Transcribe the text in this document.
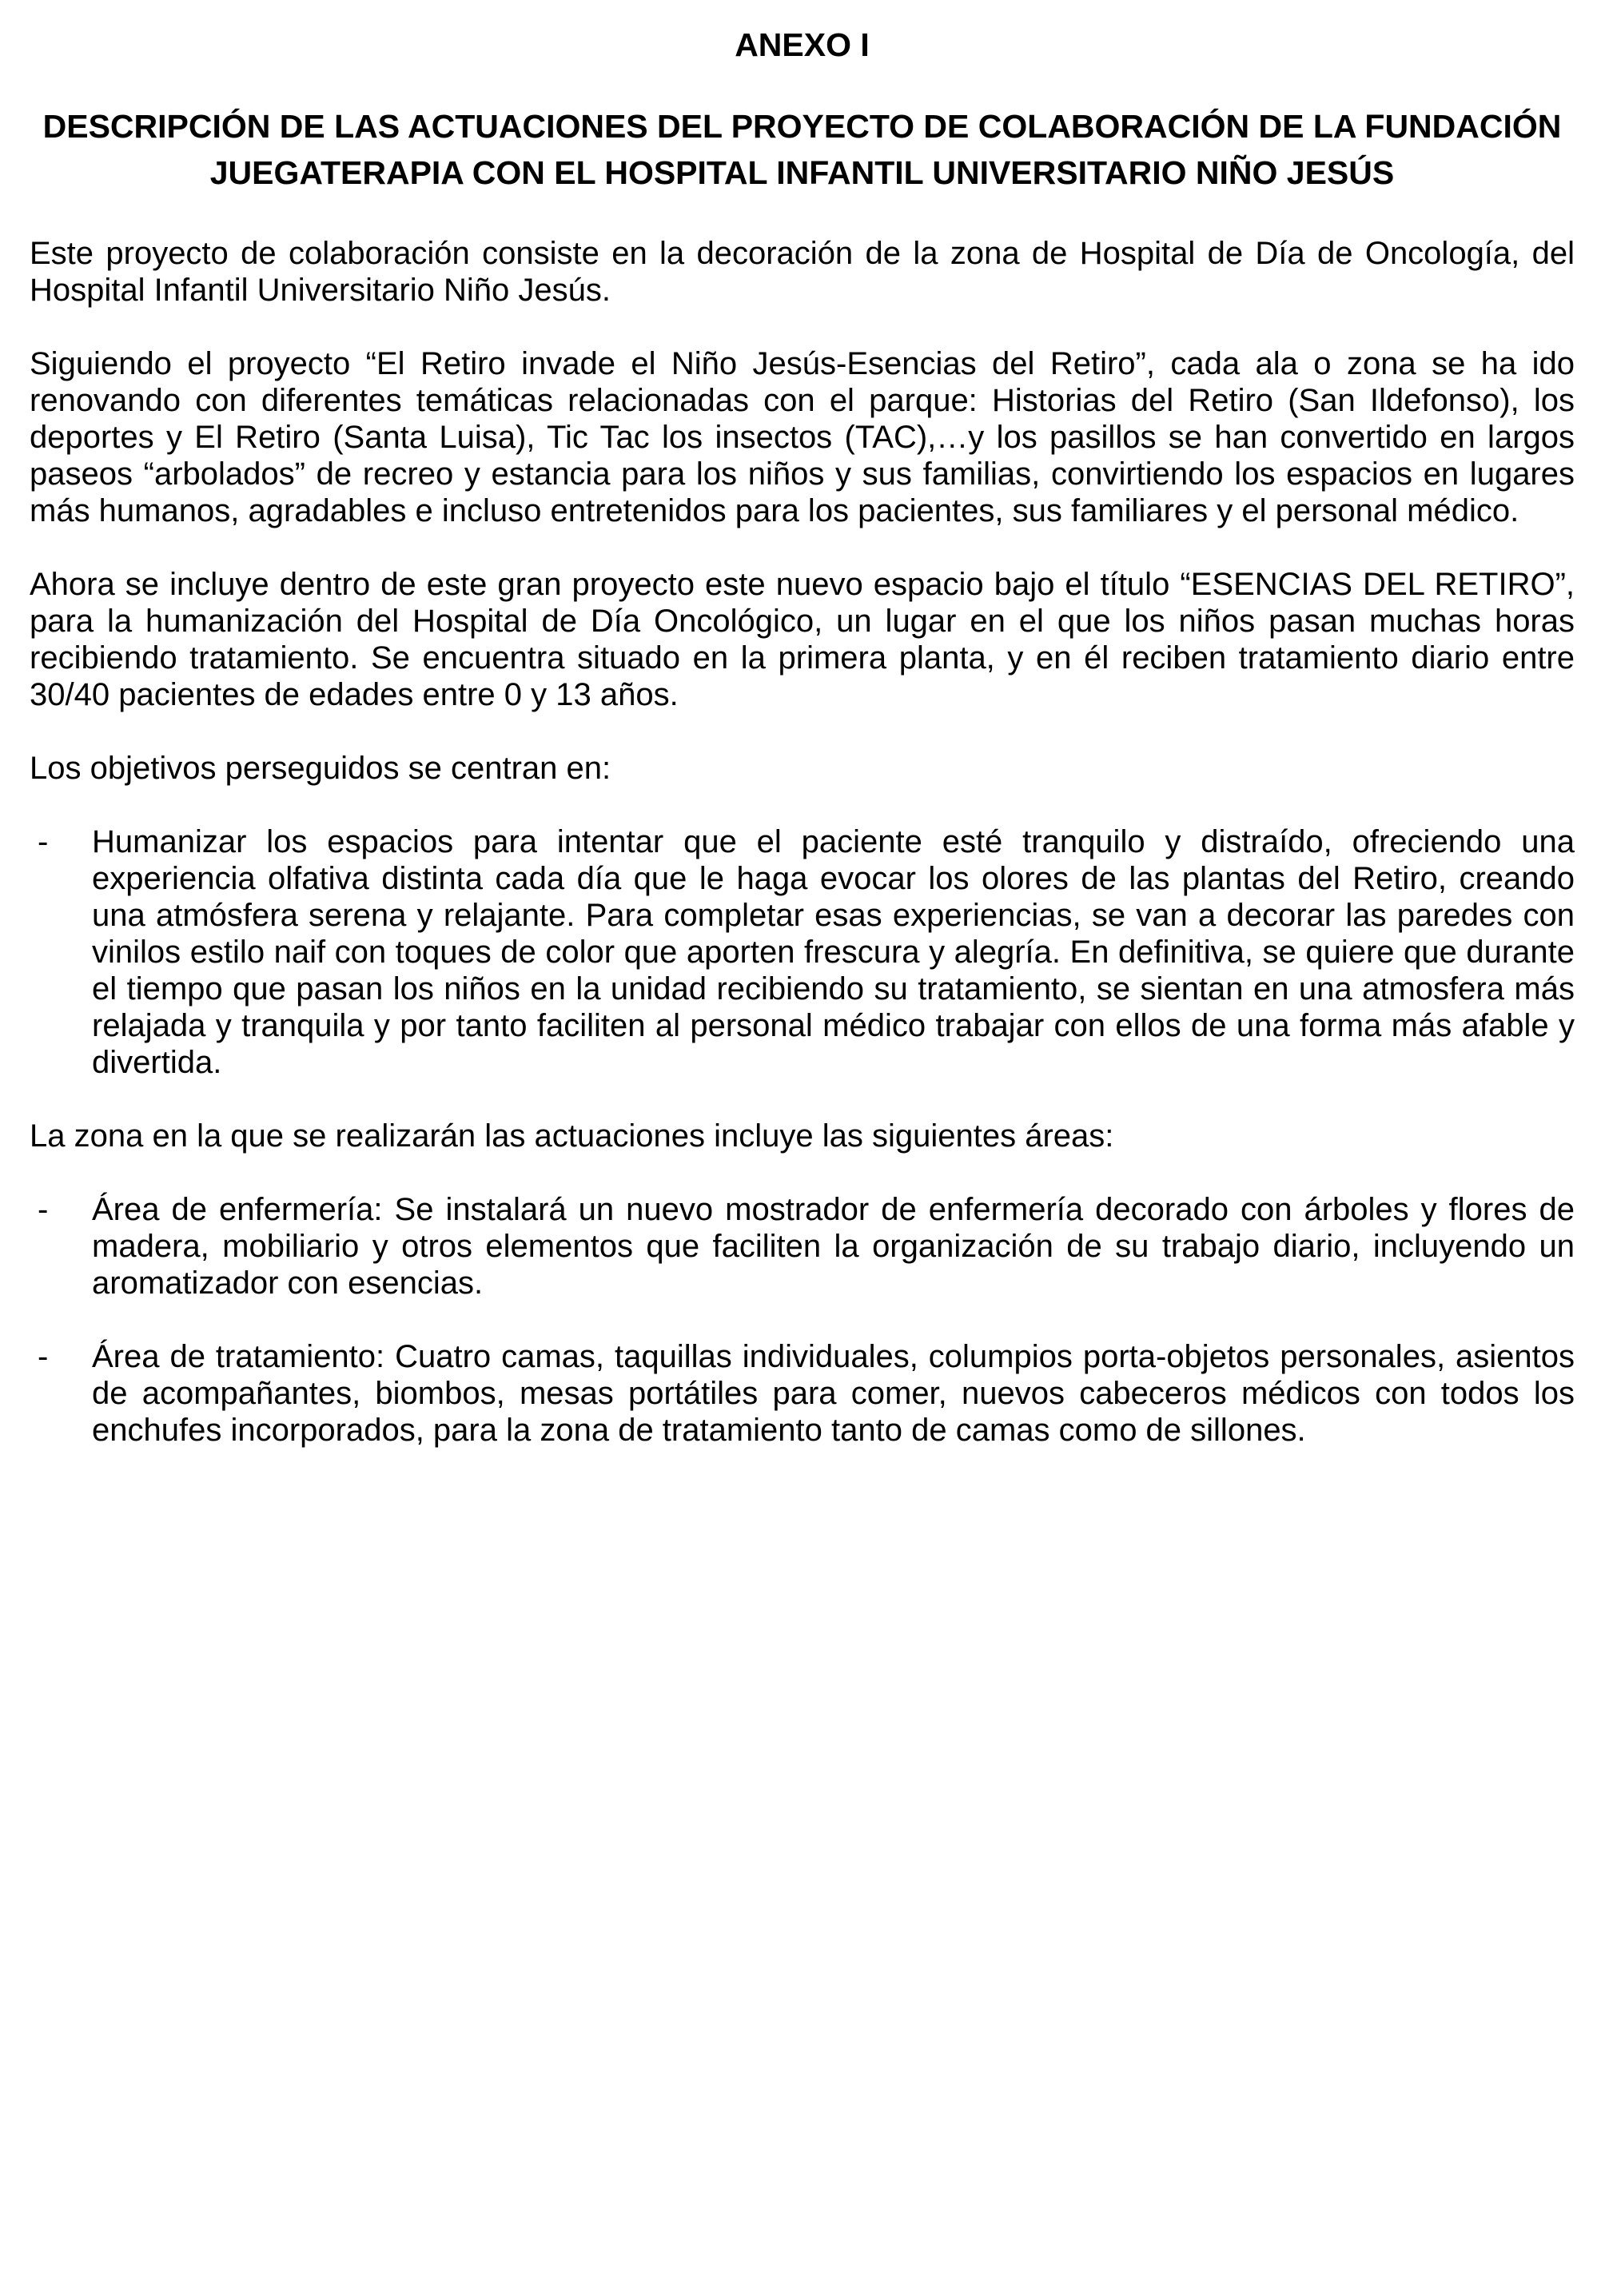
ANEXO I
DESCRIPCIÓN DE LAS ACTUACIONES DEL PROYECTO DE COLABORACIÓN DE LA FUNDACIÓN JUEGATERAPIA CON EL HOSPITAL INFANTIL UNIVERSITARIO NIÑO JESÚS

Este proyecto de colaboración consiste en la decoración de la zona de Hospital de Día de Oncología, del Hospital Infantil Universitario Niño Jesús.

Siguiendo el proyecto “El Retiro invade el Niño Jesús-Esencias del Retiro”, cada ala o zona se ha ido renovando con diferentes temáticas relacionadas con el parque: Historias del Retiro (San Ildefonso), los deportes y El Retiro (Santa Luisa), Tic Tac los insectos (TAC),…y los pasillos se han convertido en largos paseos “arbolados” de recreo y estancia para los niños y sus familias, convirtiendo los espacios en lugares más humanos, agradables e incluso entretenidos para los pacientes, sus familiares y el personal médico.

Ahora se incluye dentro de este gran proyecto este nuevo espacio bajo el título “ESENCIAS DEL RETIRO”, para la humanización del Hospital de Día Oncológico, un lugar en el que los niños pasan muchas horas recibiendo tratamiento. Se encuentra situado en la primera planta, y en él reciben tratamiento diario entre 30/40 pacientes de edades entre 0 y 13 años.

Los objetivos perseguidos se centran en:

-	Humanizar los espacios para intentar que el paciente esté tranquilo y distraído, ofreciendo una experiencia olfativa distinta cada día que le haga evocar los olores de las plantas del Retiro, creando una atmósfera serena y relajante. Para completar esas experiencias, se van a decorar las paredes con vinilos estilo naif con toques de color que aporten frescura y alegría. En definitiva, se quiere que durante el tiempo que pasan los niños en la unidad recibiendo su tratamiento, se sientan en una atmosfera más relajada y tranquila y por tanto faciliten al personal médico trabajar con ellos de una forma más afable y divertida.

La zona en la que se realizarán las actuaciones incluye las siguientes áreas:

-	Área de enfermería: Se instalará un nuevo mostrador de enfermería decorado con árboles y flores de madera, mobiliario y otros elementos que faciliten la organización de su trabajo diario, incluyendo un aromatizador con esencias.
-	Área de tratamiento: Cuatro camas, taquillas individuales, columpios porta-objetos personales, asientos de acompañantes, biombos, mesas portátiles para comer, nuevos cabeceros médicos con todos los enchufes incorporados, para la zona de tratamiento tanto de camas como de sillones.
